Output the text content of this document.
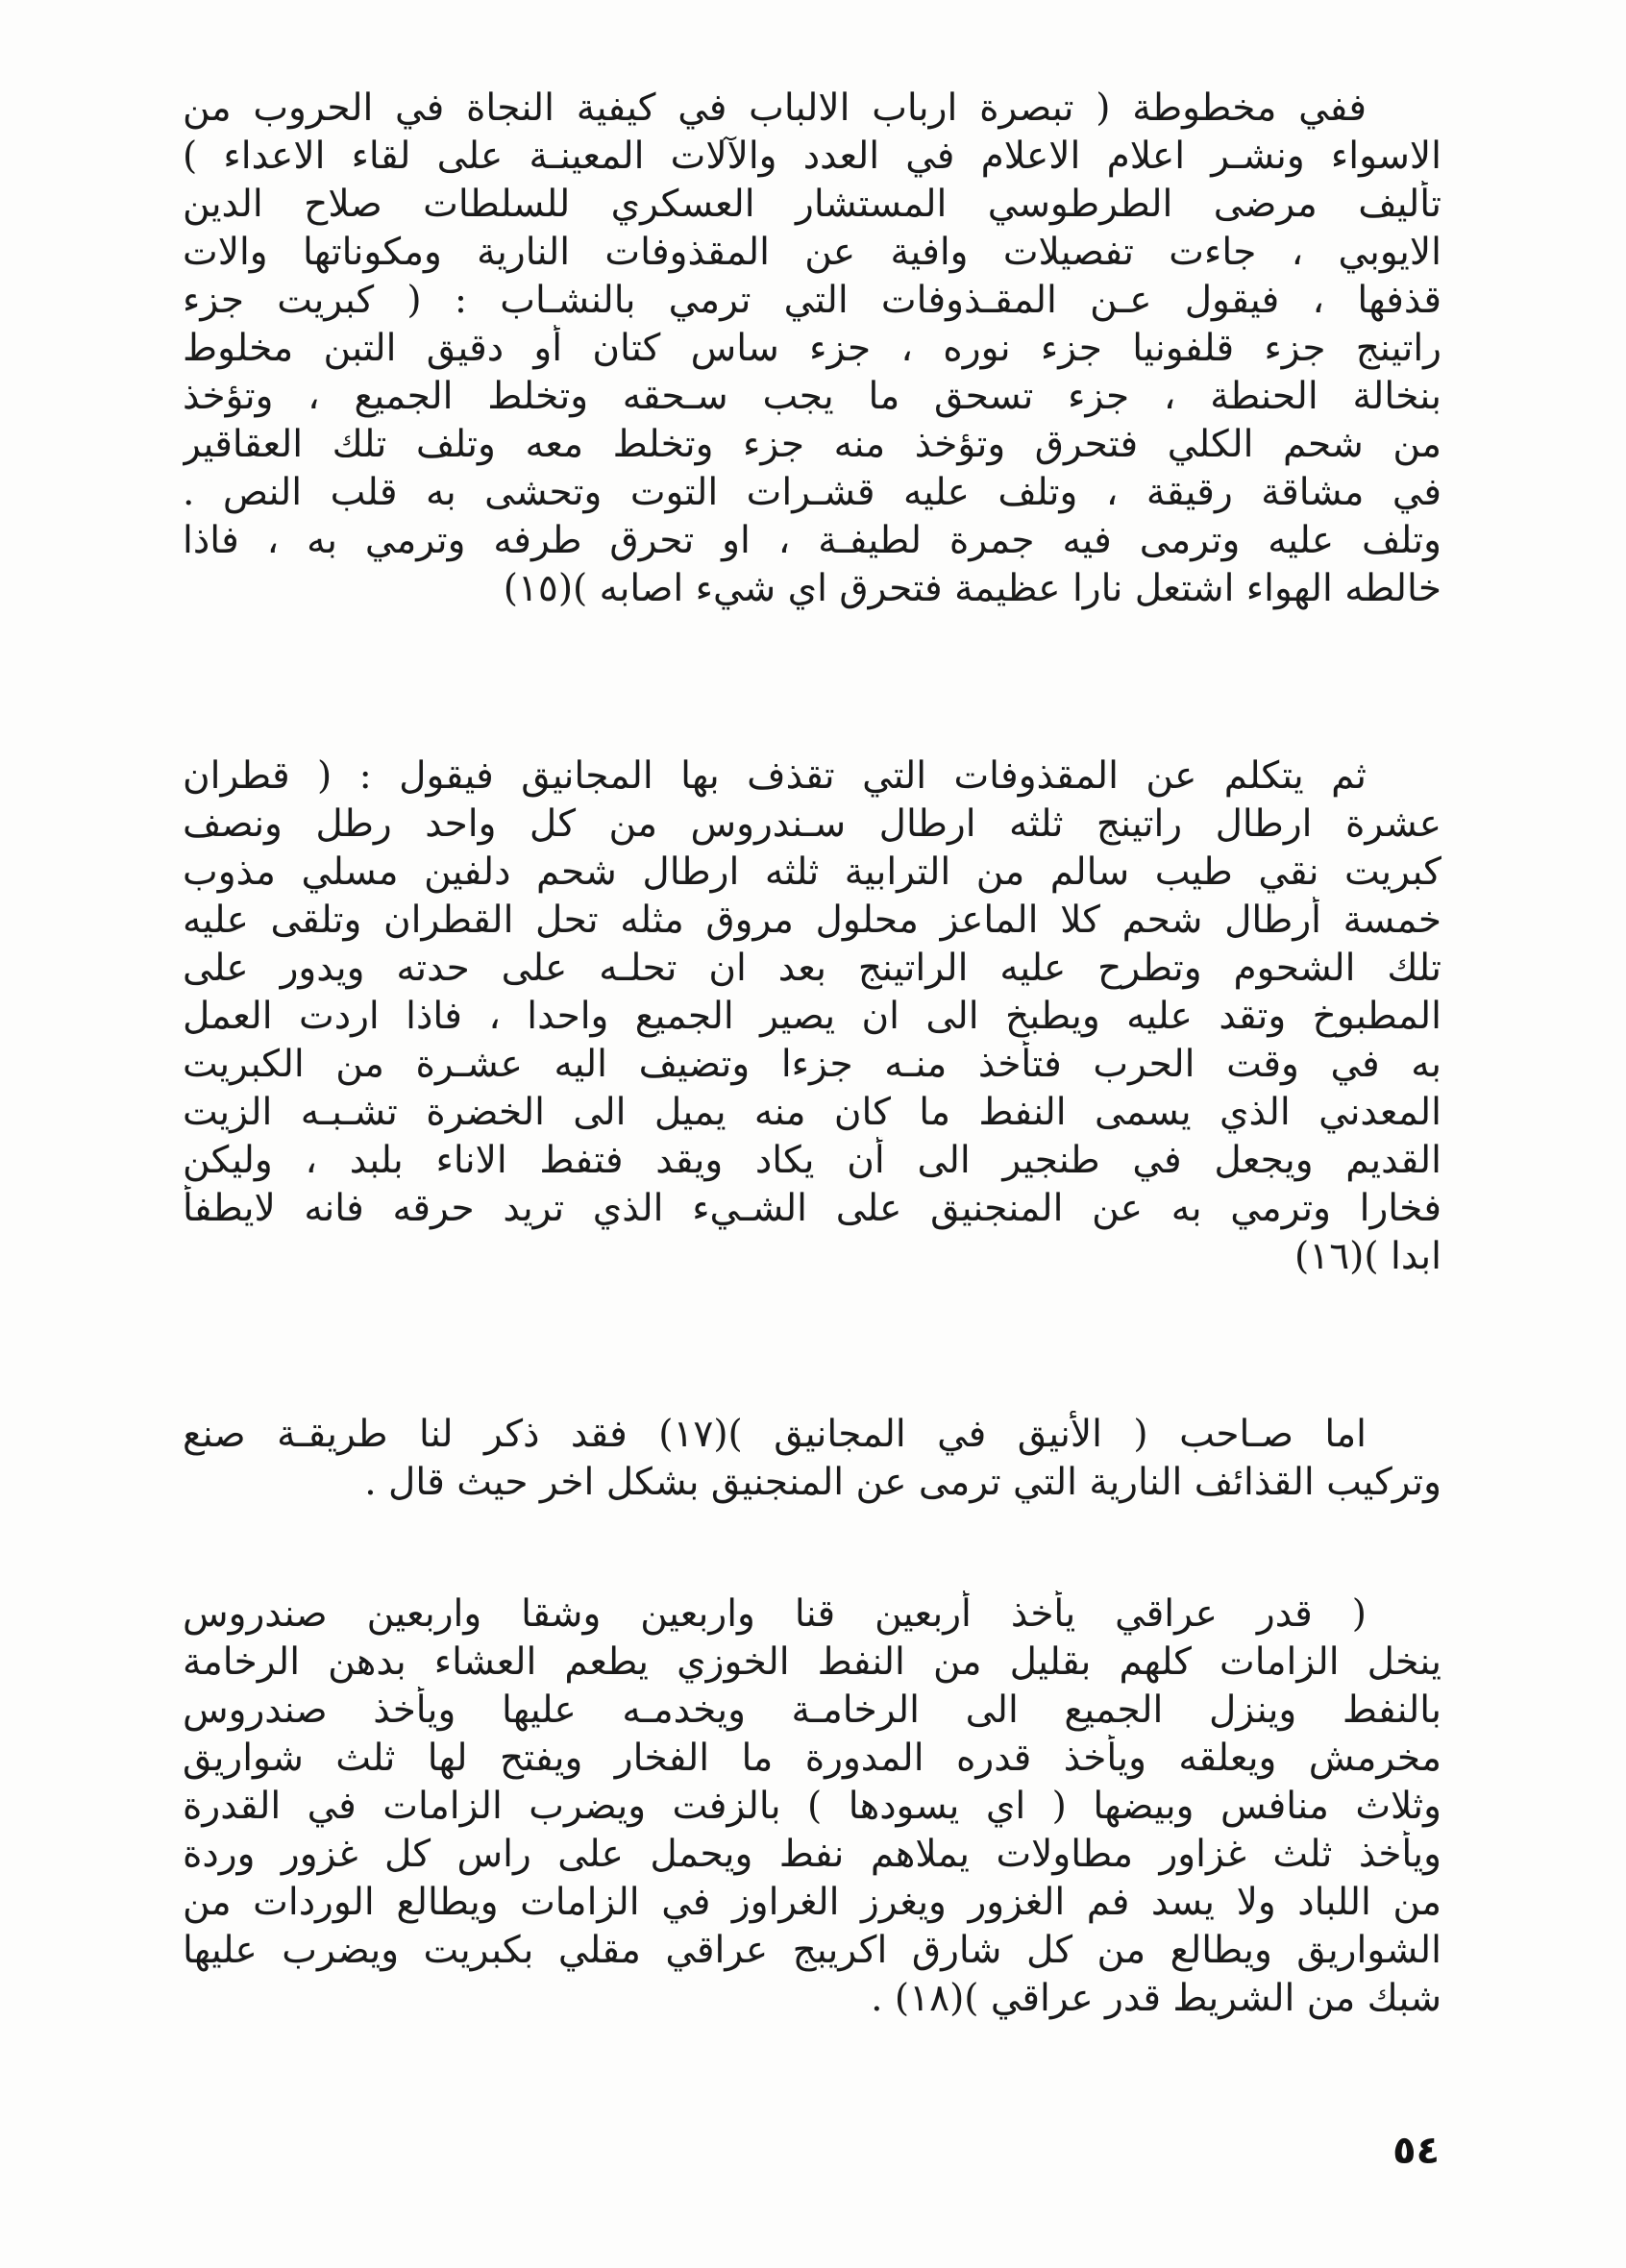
ففي مخطوطة ( تبصرة ارباب الالباب في كيفية النجاة في الحروب من
الاسواء ونشـر اعلام الاعلام في العدد والآلات المعينـة على لقاء الاعداء )
تأليف مرضى الطرطوسي المستشار العسكري للسلطات صلاح الدين
الايوبي ، جاءت تفصيلات وافية عن المقذوفات النارية ومكوناتها والات
قذفها ، فيقول عـن المقـذوفات التي ترمي بالنشـاب : ( كبريت جزء
راتينج جزء قلفونيا جزء نوره ، جزء ساس كتان أو دقيق التبن مخلوط
بنخالة الحنطة ، جزء تسحق ما يجب سـحقه وتخلط الجميع ، وتؤخذ
من شحم الكلي فتحرق وتؤخذ منه جزء وتخلط معه وتلف تلك العقاقير
في مشاقة رقيقة ، وتلف عليه قشـرات التوت وتحشى به قلب النص .
وتلف عليه وترمى فيه جمرة لطيفـة ، او تحرق طرفه وترمي به ، فاذا
خالطه الهواء اشتعل نارا عظيمة فتحرق اي شيء اصابه )(١٥)
ثم يتكلم عن المقذوفات التي تقذف بها المجانيق فيقول : ( قطران
عشرة ارطال راتينج ثلثه ارطال سـندروس من كل واحد رطل ونصف
كبريت نقي طيب سالم من الترابية ثلثه ارطال شحم دلفين مسلي مذوب
خمسة أرطال شحم كلا الماعز محلول مروق مثله تحل القطران وتلقى عليه
تلك الشحوم وتطرح عليه الراتينج بعد ان تحلـه على حدته ويدور على
المطبوخ وتقد عليه ويطبخ الى ان يصير الجميع واحدا ، فاذا اردت العمل
به في وقت الحرب فتأخذ منـه جزءا وتضيف اليه عشـرة من الكبريت
المعدني الذي يسمى النفط ما كان منه يميل الى الخضرة تشـبـه الزيت
القديم ويجعل في طنجير الى أن يكاد ويقد فتفط الاناء بلبد ، وليكن
فخارا وترمي به عن المنجنيق على الشـيء الذي تريد حرقه فانه لايطفأ
ابدا )(١٦)
اما صـاحب ( الأنيق في المجانيق )(١٧) فقد ذكر لنا طريقـة صنع
وتركيب القذائف النارية التي ترمى عن المنجنيق بشكل اخر حيث قال .
( قدر عراقي يأخذ أربعين قنا واربعين وشقا واربعين صندروس
ينخل الزامات كلهم بقليل من النفط الخوزي يطعم العشاء بدهن الرخامة
بالنفط وينزل الجميع الى الرخامـة ويخدمـه عليها ويأخذ صندروس
مخرمش ويعلقه ويأخذ قدره المدورة ما الفخار ويفتح لها ثلث شواريق
وثلاث منافس وبيضها ( اي يسودها ) بالزفت ويضرب الزامات في القدرة
ويأخذ ثلث غزاور مطاولات يملاهم نفط ويحمل على راس كل غزور وردة
من اللباد ولا يسد فم الغزور ويغرز الغراوز في الزامات ويطالع الوردات من
الشواريق ويطالع من كل شارق اكريبج عراقي مقلي بكبريت ويضرب عليها
شبك من الشريط قدر عراقي )(١٨) .
٥٤
